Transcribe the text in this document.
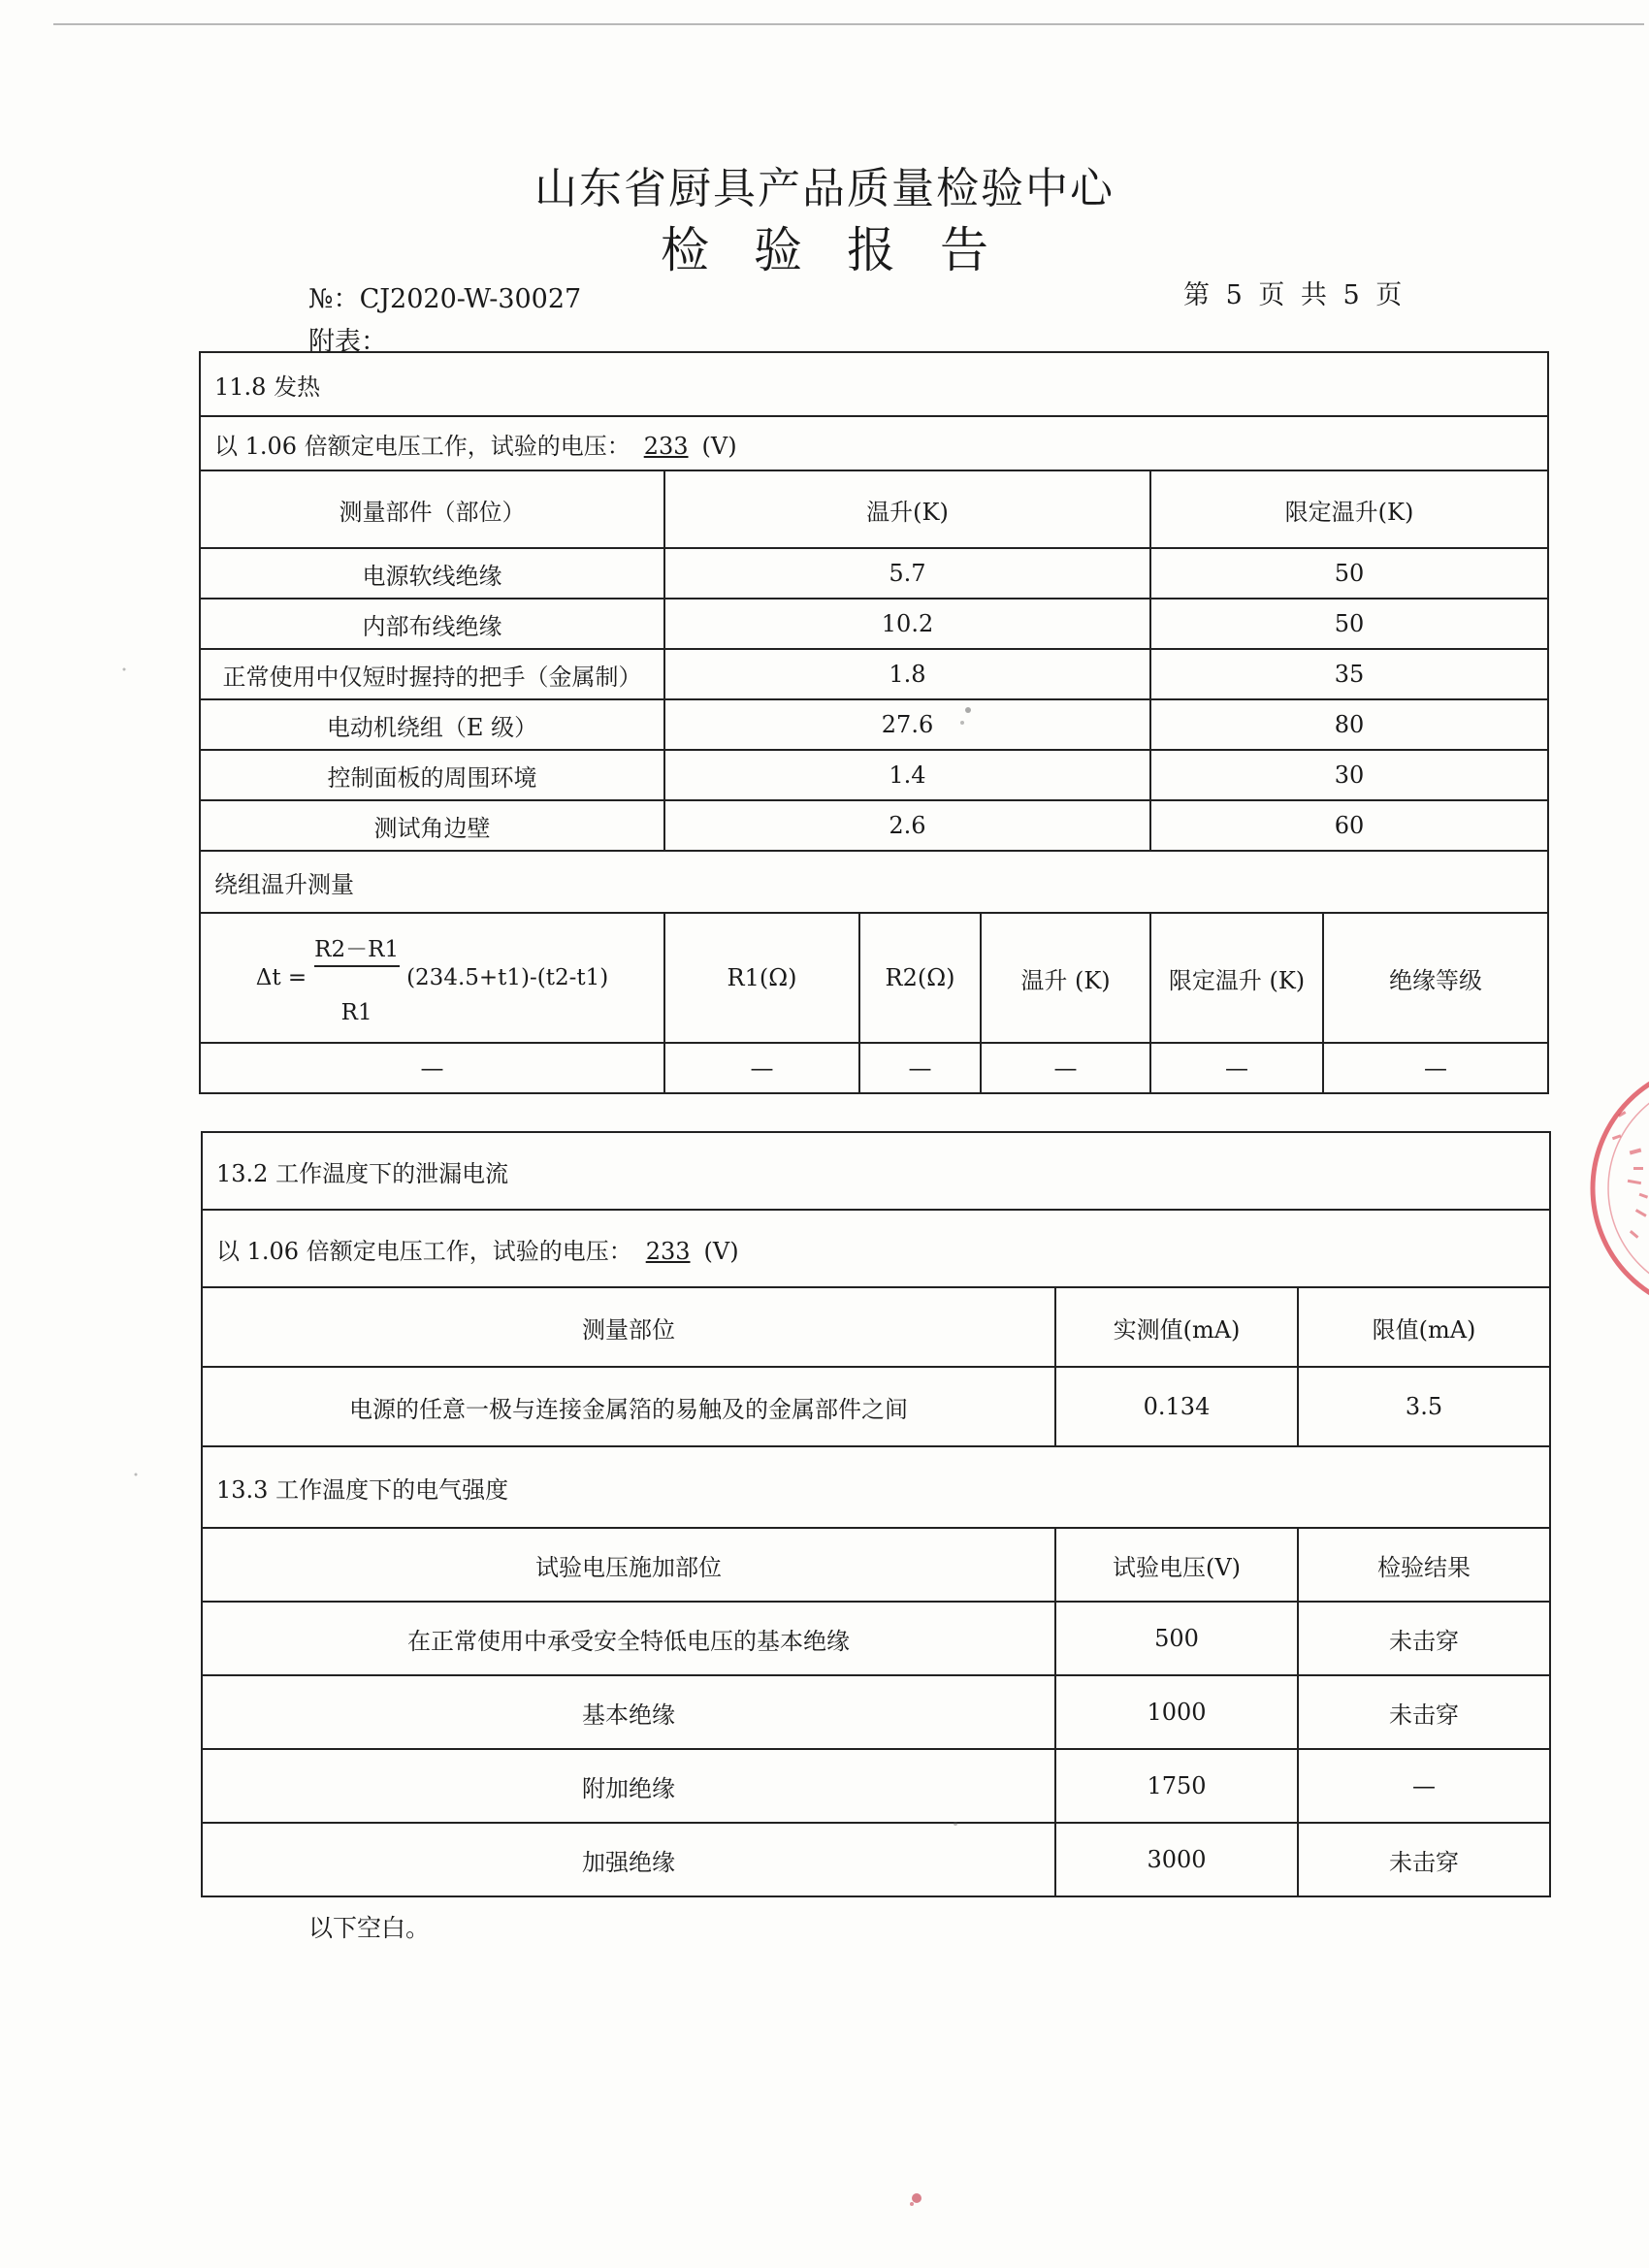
山东省厨具产品质量检验中心
检验报告
№：CJ2020-W-30027	第 5 页 共 5 页
附表：
11.8 发热					
以 1.06 倍额定电压工作，试验的电压： 233 (V)					
测量部件（部位）	温升(K)			限定温升(K)	
电源软线绝缘	5.7			50	
内部布线绝缘	10.2			50	
正常使用中仅短时握持的把手（金属制）	1.8			35	
电动机绕组（E 级）	27.6			80	
控制面板的周围环境	1.4			30	
测试角边壁	2.6			60	
绕组温升测量					

$\Delta t = \frac{R2-R1}{R1} (234.5+t1)-(t2-t1)$	R1(Ω)	R2(Ω)	温升 (K)	限定温升 (K)	绝缘等级
—	—	—	—	—	—
13.2 工作温度下的泄漏电流		
以 1.06 倍额定电压工作，试验的电压： 233 (V)		
测量部位	实测值(mA)	限值(mA)
电源的任意一极与连接金属箔的易触及的金属部件之间	0.134	3.5
13.3 工作温度下的电气强度		
试验电压施加部位	试验电压(V)	检验结果
在正常使用中承受安全特低电压的基本绝缘	500	未击穿
基本绝缘	1000	未击穿
附加绝缘	1750	—
加强绝缘	3000	未击穿
以下空白。
